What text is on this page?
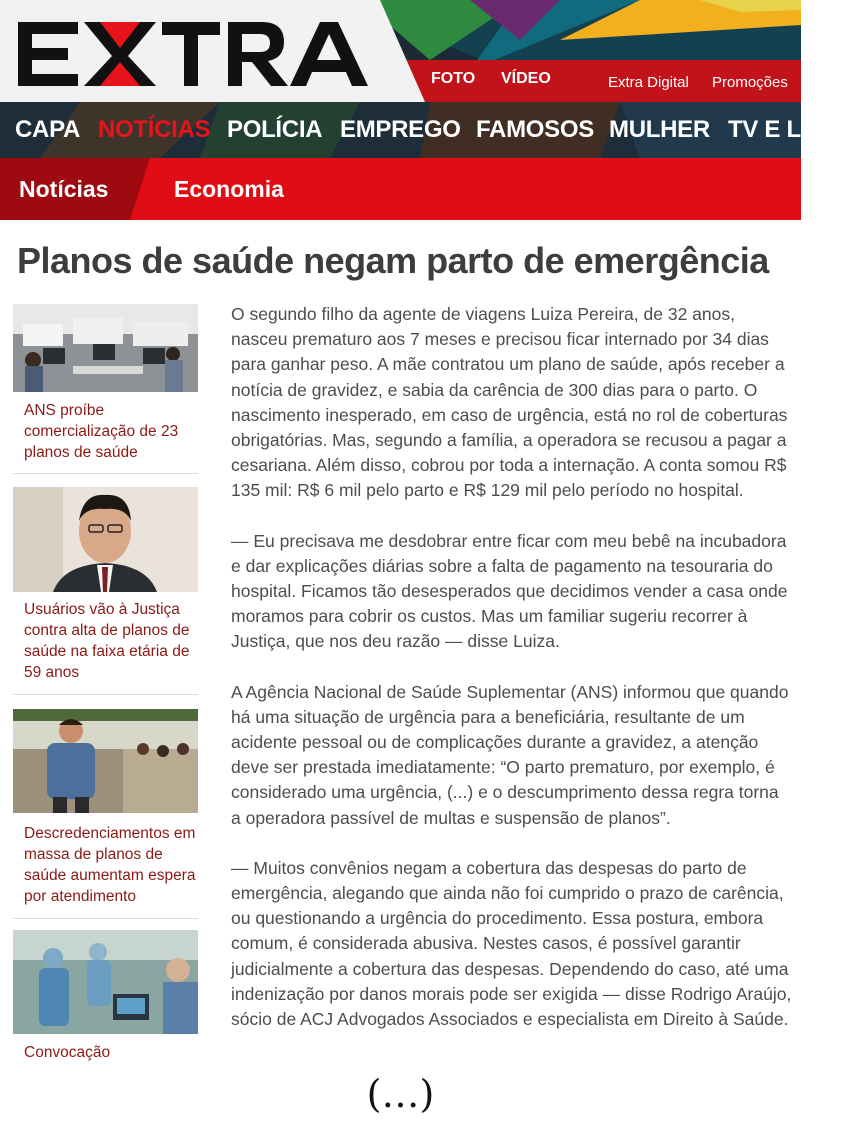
FOTO VÍDEO	Extra Digital Promoções
CAPA NOTÍCIAS POLÍCIA EMPREGO FAMOSOS MULHER TV E LAZER
Notícias	Economia
Planos de saúde negam parto de emergência
ANS proíbe comercialização de 23 planos de saúde
Usuários vão à Justiça contra alta de planos de saúde na faixa etária de 59 anos
Descredenciamentos em massa de planos de saúde aumentam espera por atendimento
Convocação

O segundo filho da agente de viagens Luiza Pereira, de 32 anos, nasceu prematuro aos 7 meses e precisou ficar internado por 34 dias para ganhar peso. A mãe contratou um plano de saúde, após receber a notícia de gravidez, e sabia da carência de 300 dias para o parto. O nascimento inesperado, em caso de urgência, está no rol de coberturas obrigatórias. Mas, segundo a família, a operadora se recusou a pagar a cesariana. Além disso, cobrou por toda a internação. A conta somou R$ 135 mil: R$ 6 mil pelo parto e R$ 129 mil pelo período no hospital.

— Eu precisava me desdobrar entre ficar com meu bebê na incubadora e dar explicações diárias sobre a falta de pagamento na tesouraria do hospital. Ficamos tão desesperados que decidimos vender a casa onde moramos para cobrir os custos. Mas um familiar sugeriu recorrer à Justiça, que nos deu razão — disse Luiza.

A Agência Nacional de Saúde Suplementar (ANS) informou que quando há uma situação de urgência para a beneficiária, resultante de um acidente pessoal ou de complicações durante a gravidez, a atenção deve ser prestada imediatamente: “O parto prematuro, por exemplo, é considerado uma urgência, (...) e o descumprimento dessa regra torna a operadora passível de multas e suspensão de planos”.

— Muitos convênios negam a cobertura das despesas do parto de emergência, alegando que ainda não foi cumprido o prazo de carência, ou questionando a urgência do procedimento. Essa postura, embora comum, é considerada abusiva. Nestes casos, é possível garantir judicialmente a cobertura das despesas. Dependendo do caso, até uma indenização por danos morais pode ser exigida — disse Rodrigo Araújo, sócio de ACJ Advogados Associados e especialista em Direito à Saúde.

(…)
